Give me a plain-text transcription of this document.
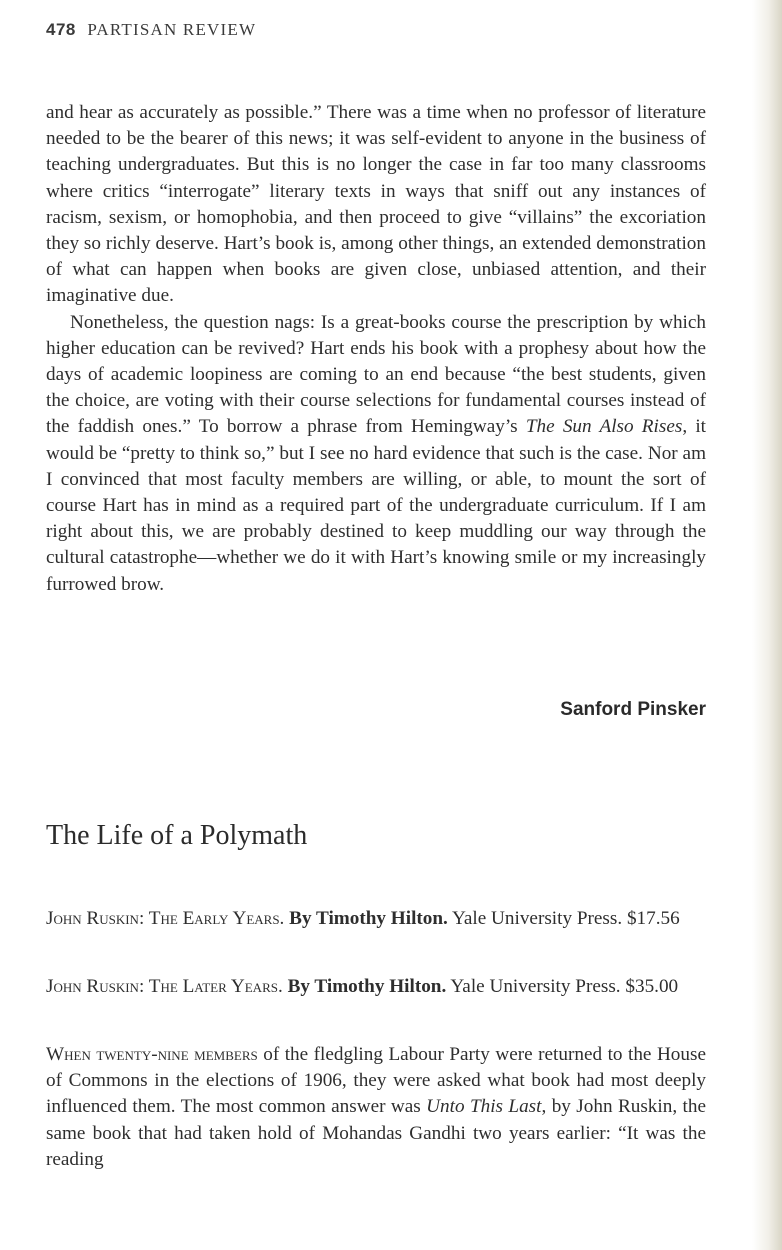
478 PARTISAN REVIEW

and hear as accurately as possible.” There was a time when no professor of literature needed to be the bearer of this news; it was self-evident to anyone in the business of teaching undergraduates. But this is no longer the case in far too many classrooms where critics “interrogate” literary texts in ways that sniff out any instances of racism, sexism, or homophobia, and then proceed to give “villains” the excoriation they so richly deserve. Hart’s book is, among other things, an extended demonstration of what can happen when books are given close, unbiased attention, and their imaginative due.

Nonetheless, the question nags: Is a great-books course the prescription by which higher education can be revived? Hart ends his book with a prophesy about how the days of academic loopiness are coming to an end because “the best students, given the choice, are voting with their course selections for fundamental courses instead of the faddish ones.” To borrow a phrase from Hemingway’s The Sun Also Rises, it would be “pretty to think so,” but I see no hard evidence that such is the case. Nor am I convinced that most faculty members are willing, or able, to mount the sort of course Hart has in mind as a required part of the undergraduate curriculum. If I am right about this, we are probably destined to keep muddling our way through the cultural catastrophe—whether we do it with Hart’s knowing smile or my increasingly furrowed brow.

Sanford Pinsker
The Life of a Polymath
John Ruskin: The Early Years. By Timothy Hilton. Yale University Press. $17.56
John Ruskin: The Later Years. By Timothy Hilton. Yale University Press. $35.00

When twenty-nine members of the fledgling Labour Party were returned to the House of Commons in the elections of 1906, they were asked what book had most deeply influenced them. The most common answer was Unto This Last, by John Ruskin, the same book that had taken hold of Mohandas Gandhi two years earlier: “It was the reading
